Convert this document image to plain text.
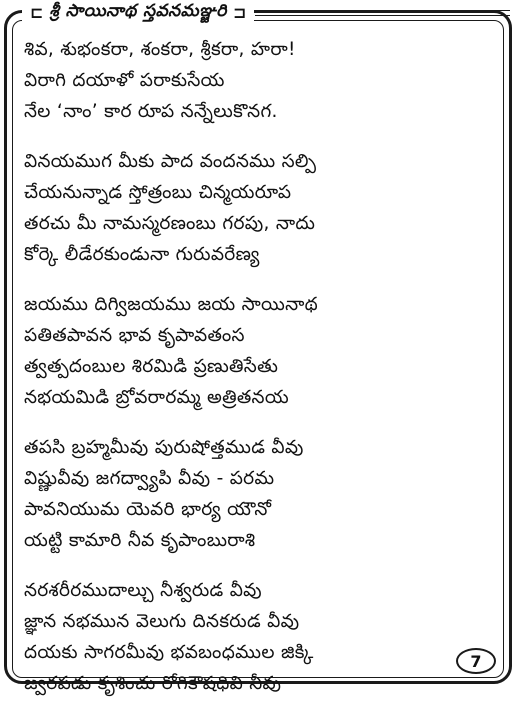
⊏ శ్రీ సాయినాథ స్తవనమఞ్జరి ⊐
శివ, శుభంకరా, శంకరా, శ్రీకరా, హరా!
విరాగి దయాళో పరాకుసేయ
నేల ‘నాం’ కార రూప నన్నేలుకొనగ.
వినయముగ మీకు పాద వందనము సల్పి
చేయనున్నాడ స్తోత్రంబు చిన్మయరూప
తరచు మీ నామస్మరణంబు గరపు, నాదు
కోర్కె లీడేరకుండునా గురువరేణ్య
జయము దిగ్విజయము జయ సాయినాథ
పతితపావన భావ కృపావతంస
త్వత్పదంబుల శిరమిడి ప్రణుతిసేతు
నభయమిడి బ్రోవరారమ్మ అత్రితనయ
తపసి బ్రహ్మమీవు పురుషోత్తముడ వీవు
విష్ణువీవు జగద్వ్యాపి వీవు - పరమ
పావనియుమ యెవరి భార్య యౌనో
యట్టి కామారి నీవ కృపాంబురాశి
నరశరీరముదాల్చు నీశ్వరుడ వీవు
జ్ఞాన నభమున వెలుగు దినకరుడ వీవు
దయకు సాగరమీవు భవబంధముల జిక్కి
జ్వరపడు కృశించు రోగికౌషధివి నీవు
7
